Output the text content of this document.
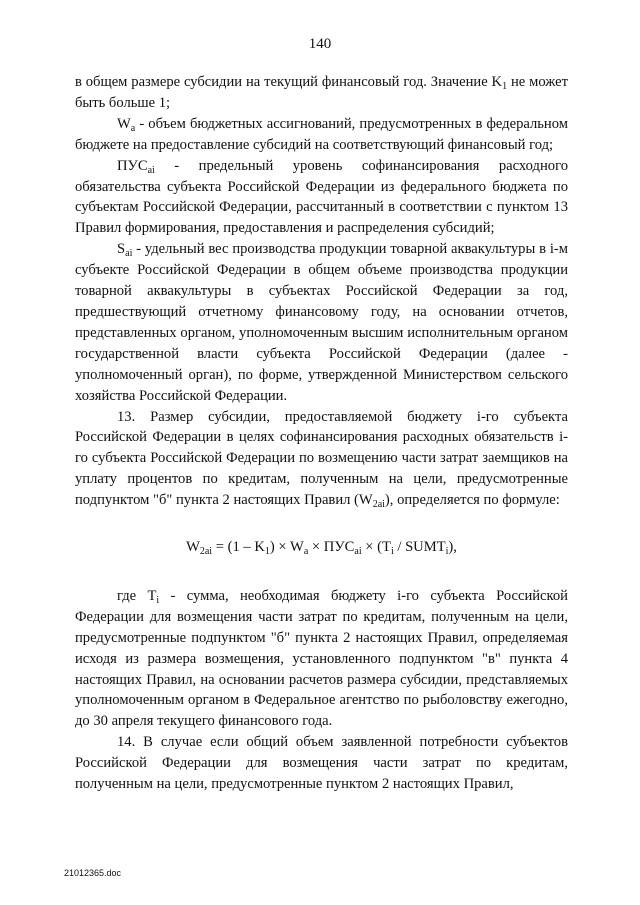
140

в общем размере субсидии на текущий финансовый год. Значение $K_1$ не может быть больше 1;

$W_a$ - объем бюджетных ассигнований, предусмотренных в федеральном бюджете на предоставление субсидий на соответствующий финансовый год;

$ПУС_{ai}$ - предельный уровень софинансирования расходного обязательства субъекта Российской Федерации из федерального бюджета по субъектам Российской Федерации, рассчитанный в соответствии с пунктом 13 Правил формирования, предоставления и распределения субсидий;

$S_{ai}$ - удельный вес производства продукции товарной аквакультуры в i-м субъекте Российской Федерации в общем объеме производства продукции товарной аквакультуры в субъектах Российской Федерации за год, предшествующий отчетному финансовому году, на основании отчетов, представленных органом, уполномоченным высшим исполнительным органом государственной власти субъекта Российской Федерации (далее - уполномоченный орган), по форме, утвержденной Министерством сельского хозяйства Российской Федерации.

13. Размер субсидии, предоставляемой бюджету i-го субъекта Российской Федерации в целях софинансирования расходных обязательств i-го субъекта Российской Федерации по возмещению части затрат заемщиков на уплату процентов по кредитам, полученным на цели, предусмотренные подпунктом "б" пункта 2 настоящих Правил $(W_{2ai})$, определяется по формуле:

$W_{2ai} = (1 - K_1) \times W_a \times ПУС_{ai} \times (T_i$ / $SUMT_i$),

где $T_i$ - сумма, необходимая бюджету i-го субъекта Российской Федерации для возмещения части затрат по кредитам, полученным на цели, предусмотренные подпунктом "б" пункта 2 настоящих Правил, определяемая исходя из размера возмещения, установленного подпунктом "в" пункта 4 настоящих Правил, на основании расчетов размера субсидии, представляемых уполномоченным органом в Федеральное агентство по рыболовству ежегодно, до 30 апреля текущего финансового года.

14. В случае если общий объем заявленной потребности субъектов Российской Федерации для возмещения части затрат по кредитам, полученным на цели, предусмотренные пунктом 2 настоящих Правил,

21012365.doc
